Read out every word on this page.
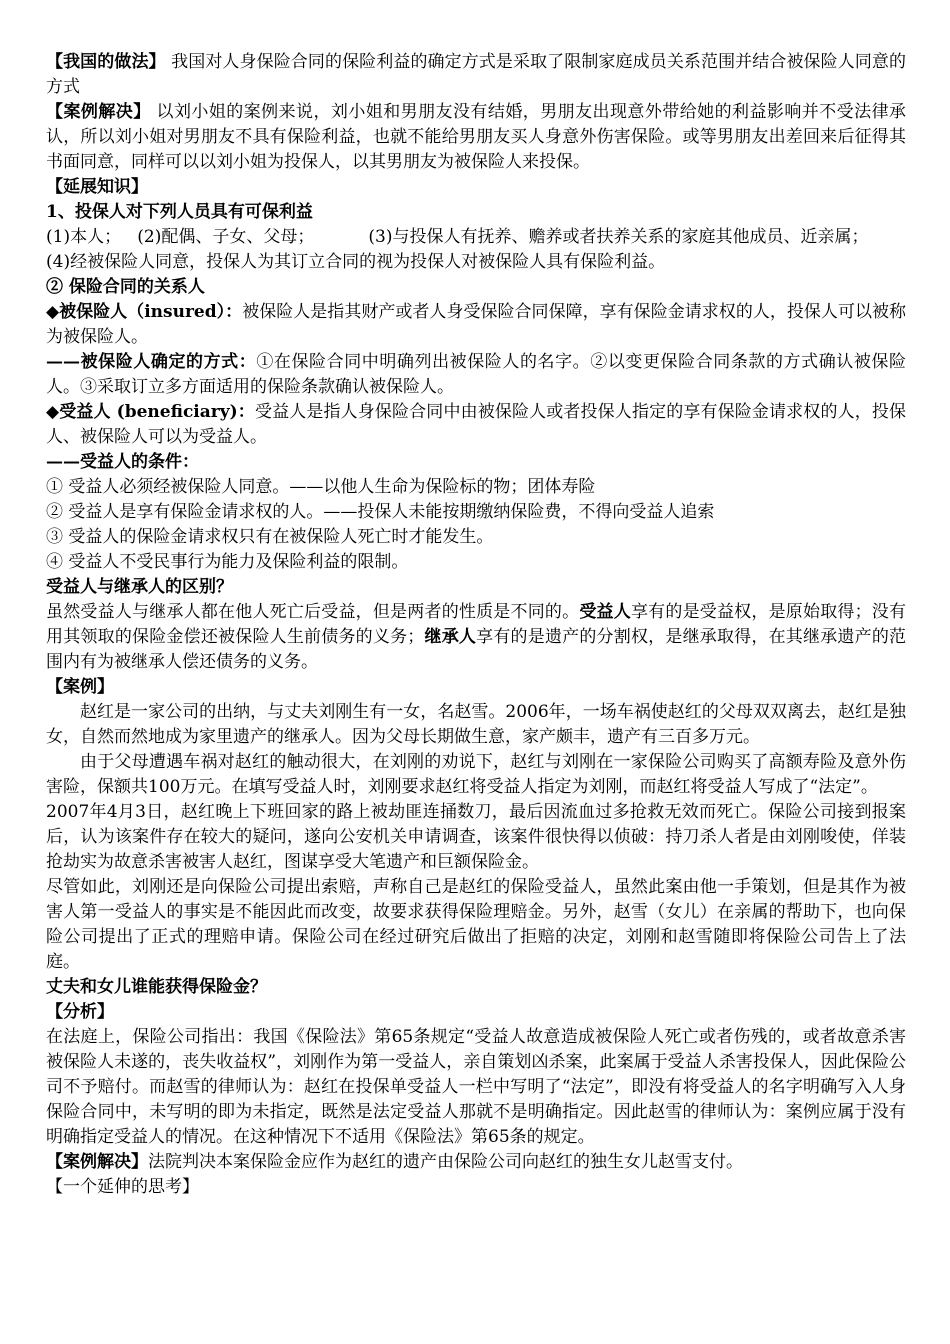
【我国的做法】 我国对人身保险合同的保险利益的确定方式是采取了限制家庭成员关系范围并结合被保险人同意的方式

【案例解决】 以刘小姐的案例来说，刘小姐和男朋友没有结婚，男朋友出现意外带给她的利益影响并不受法律承认，所以刘小姐对男朋友不具有保险利益，也就不能给男朋友买人身意外伤害保险。或等男朋友出差回来后征得其书面同意，同样可以以刘小姐为投保人，以其男朋友为被保险人来投保。

【延展知识】

1、投保人对下列人员具有可保利益

(1)本人；   (2)配偶、子女、父母；          (3)与投保人有抚养、赡养或者扶养关系的家庭其他成员、近亲属；

(4)经被保险人同意，投保人为其订立合同的视为投保人对被保险人具有保险利益。

② 保险合同的关系人

◆被保险人（insured）：被保险人是指其财产或者人身受保险合同保障，享有保险金请求权的人，投保人可以被称为被保险人。

——被保险人确定的方式：①在保险合同中明确列出被保险人的名字。②以变更保险合同条款的方式确认被保险人。③采取订立多方面适用的保险条款确认被保险人。

◆受益人 (beneficiary)：受益人是指人身保险合同中由被保险人或者投保人指定的享有保险金请求权的人，投保人、被保险人可以为受益人。

——受益人的条件：

① 受益人必须经被保险人同意。——以他人生命为保险标的物；团体寿险

② 受益人是享有保险金请求权的人。——投保人未能按期缴纳保险费，不得向受益人追索

③ 受益人的保险金请求权只有在被保险人死亡时才能发生。

④ 受益人不受民事行为能力及保险利益的限制。

受益人与继承人的区别？

虽然受益人与继承人都在他人死亡后受益，但是两者的性质是不同的。受益人享有的是受益权，是原始取得；没有用其领取的保险金偿还被保险人生前债务的义务；继承人享有的是遗产的分割权，是继承取得，在其继承遗产的范围内有为被继承人偿还债务的义务。

【案例】

赵红是一家公司的出纳，与丈夫刘刚生有一女，名赵雪。2006年，一场车祸使赵红的父母双双离去，赵红是独女，自然而然地成为家里遗产的继承人。因为父母长期做生意，家产颇丰，遗产有三百多万元。

由于父母遭遇车祸对赵红的触动很大，在刘刚的劝说下，赵红与刘刚在一家保险公司购买了高额寿险及意外伤害险，保额共100万元。在填写受益人时，刘刚要求赵红将受益人指定为刘刚，而赵红将受益人写成了“法定”。

2007年4月3日，赵红晚上下班回家的路上被劫匪连捅数刀，最后因流血过多抢救无效而死亡。保险公司接到报案后，认为该案件存在较大的疑问，遂向公安机关申请调查，该案件很快得以侦破：持刀杀人者是由刘刚唆使，佯装抢劫实为故意杀害被害人赵红，图谋享受大笔遗产和巨额保险金。

尽管如此，刘刚还是向保险公司提出索赔，声称自己是赵红的保险受益人，虽然此案由他一手策划，但是其作为被害人第一受益人的事实是不能因此而改变，故要求获得保险理赔金。另外，赵雪（女儿）在亲属的帮助下，也向保险公司提出了正式的理赔申请。保险公司在经过研究后做出了拒赔的决定，刘刚和赵雪随即将保险公司告上了法庭。

丈夫和女儿谁能获得保险金？

【分析】

在法庭上，保险公司指出：我国《保险法》第65条规定“受益人故意造成被保险人死亡或者伤残的，或者故意杀害被保险人未遂的，丧失收益权”，刘刚作为第一受益人，亲自策划凶杀案，此案属于受益人杀害投保人，因此保险公司不予赔付。而赵雪的律师认为：赵红在投保单受益人一栏中写明了“法定”，即没有将受益人的名字明确写入人身保险合同中，未写明的即为未指定，既然是法定受益人那就不是明确指定。因此赵雪的律师认为：案例应属于没有明确指定受益人的情况。在这种情况下不适用《保险法》第65条的规定。

【案例解决】法院判决本案保险金应作为赵红的遗产由保险公司向赵红的独生女儿赵雪支付。

【一个延伸的思考】
